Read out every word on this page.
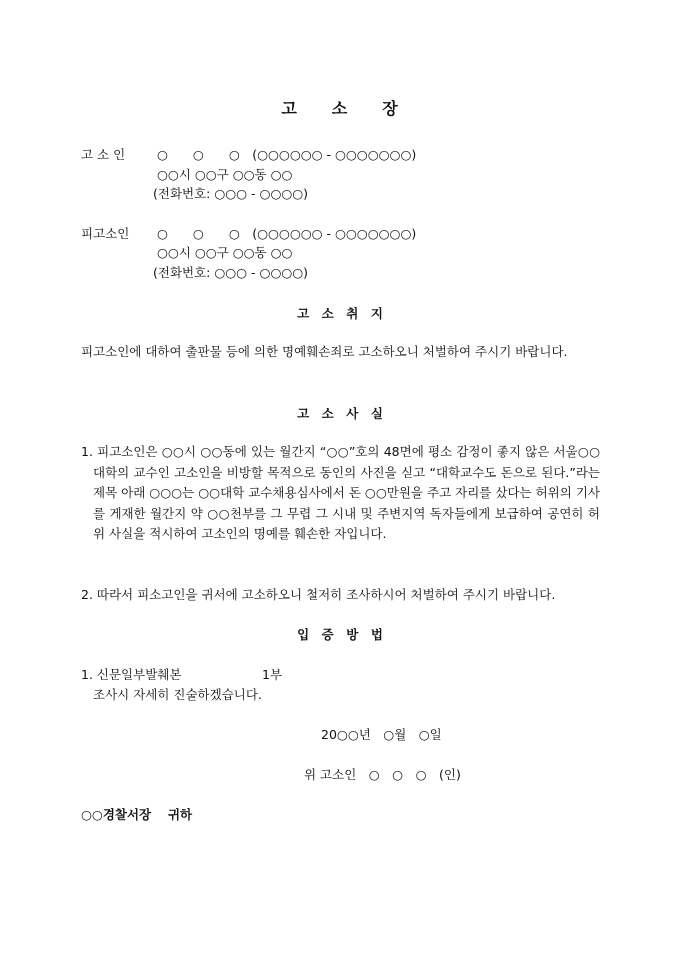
고　　소　　장
고 소 인	○　　○　　○　(○○○○○○ - ○○○○○○○)
○○시 ○○구 ○○동 ○○
(전화번호: ○○○ - ○○○○)
피고소인 ○　　○　　○　(○○○○○○ - ○○○○○○○)
○○시 ○○구 ○○동 ○○
(전화번호: ○○○ - ○○○○)
고　소　취　지
피고소인에 대하여 출판물 등에 의한 명예훼손죄로 고소하오니 처벌하여 주시기 바랍니다.
고　소　사　실
1. 피고소인은 ○○시 ○○동에 있는 월간지 “○○”호의 48면에 평소 감정이 좋지 않은 서울○○대학의 교수인 고소인을 비방할 목적으로 동인의 사진을 싣고 “대학교수도 돈으로 된다.”라는 제목 아래 ○○○는 ○○대학 교수채용심사에서 돈 ○○만원을 주고 자리를 샀다는 허위의 기사를 게재한 월간지 약 ○○천부를 그 무렵 그 시내 및 주변지역 독자들에게 보급하여 공연히 허위 사실을 적시하여 고소인의 명예를 훼손한 자입니다.
2. 따라서 피소고인을 귀서에 고소하오니 철저히 조사하시어 처벌하여 주시기 바랍니다.
입　증　방　법
1. 신문일부발췌본	1부
조사시 자세히 진술하겠습니다.
20○○년　○월　○일
위 고소인　○　○　○　(인)
○○경찰서장　 귀하
